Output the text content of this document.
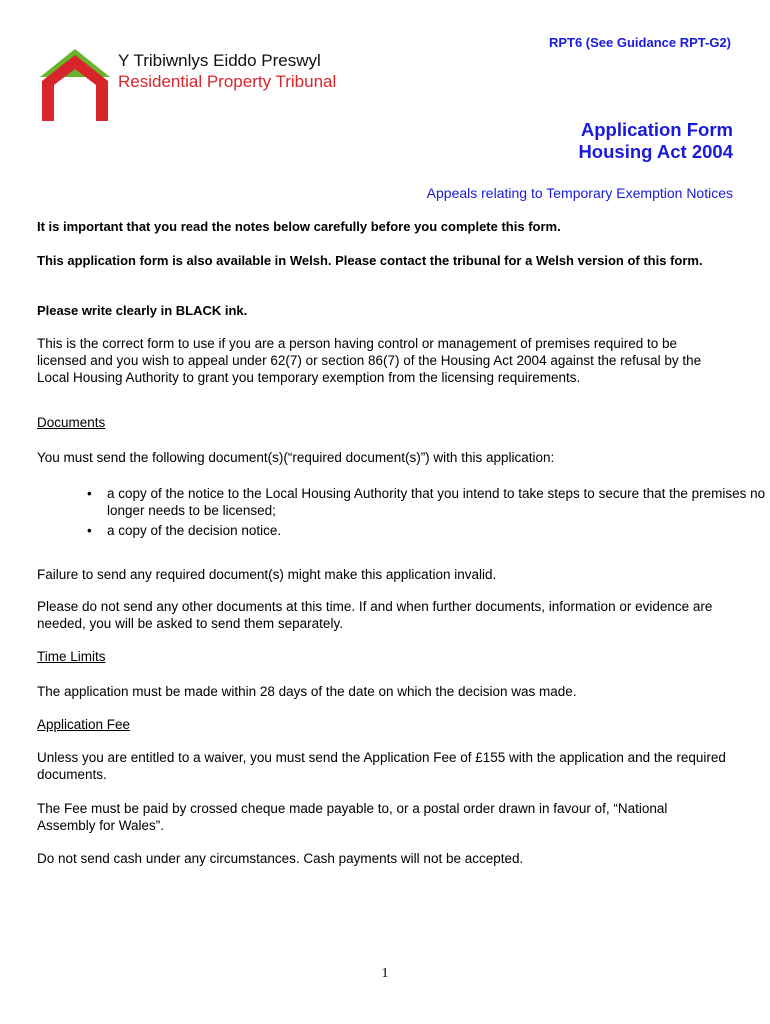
Y Tribiwnlys Eiddo Preswyl
Residential Property Tribunal
RPT6 (See Guidance RPT-G2)
Application Form
Housing Act 2004
Appeals relating to Temporary Exemption Notices
It is important that you read the notes below carefully before you complete this form.
This application form is also available in Welsh. Please contact the tribunal for a Welsh version of this form.
Please write clearly in BLACK ink.
This is the correct form to use if you are a person having control or management of premises required to be licensed and you wish to appeal under 62(7) or section 86(7) of the Housing Act 2004 against the refusal by the Local Housing Authority to grant you temporary exemption from the licensing requirements.
Documents
You must send the following document(s)(“required document(s)”) with this application:
• a copy of the notice to the Local Housing Authority that you intend to take steps to secure that the premises no longer needs to be licensed;
• a copy of the decision notice.
Failure to send any required document(s) might make this application invalid.
Please do not send any other documents at this time. If and when further documents, information or evidence are needed, you will be asked to send them separately.
Time Limits
The application must be made within 28 days of the date on which the decision was made.
Application Fee
Unless you are entitled to a waiver, you must send the Application Fee of £155 with the application and the required documents.
The Fee must be paid by crossed cheque made payable to, or a postal order drawn in favour of, “National Assembly for Wales”.
Do not send cash under any circumstances. Cash payments will not be accepted.
1
